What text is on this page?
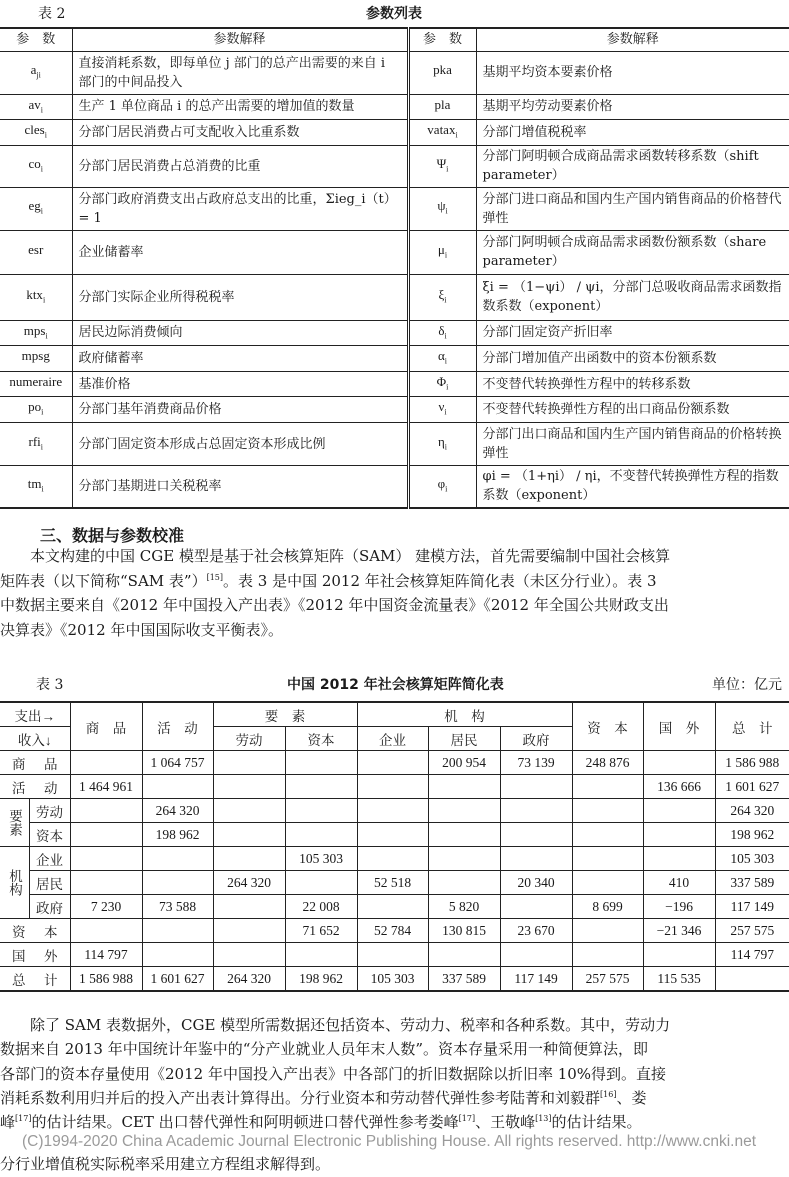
表 2	参数列表
参　数	参数解释	参　数	参数解释
$a_{ji}$	直接消耗系数，即每单位 j 部门的总产出需要的来自 i 部门的中间品投入	pka	基期平均资本要素价格
$av_i$	生产 1 单位商品 i 的总产出需要的增加值的数量	pla	基期平均劳动要素价格
cles$_i$	分部门居民消费占可支配收入比重系数	vatax$_i$	分部门增值税税率
$co_i$	分部门居民消费占总消费的比重	$\Psi_i$	分部门阿明顿合成商品需求函数转移系数（shift parameter）
$eg_i$	分部门政府消费支出占政府总支出的比重，Σieg_i（t） = 1	$\psi_i$	分部门进口商品和国内生产国内销售商品的价格替代弹性
esr	企业储蓄率	$\mu_i$	分部门阿明顿合成商品需求函数份额系数（share parameter）
ktx$_i$	分部门实际企业所得税税率	$\xi_i$	ξi = （1−ψi） / ψi，分部门总吸收商品需求函数指数系数（exponent）
mps$_i$	居民边际消费倾向	$\delta_i$	分部门固定资产折旧率
mpsg	政府储蓄率	$\alpha_i$	分部门增加值产出函数中的资本份额系数
numeraire	基准价格	$\Phi_i$	不变替代转换弹性方程中的转移系数
$po_i$	分部门基年消费商品价格	$\nu_i$	不变替代转换弹性方程的出口商品份额系数
rfi$_i$	分部门固定资本形成占总固定资本形成比例	$\eta_i$	分部门出口商品和国内生产国内销售商品的价格转换弹性
$tm_i$	分部门基期进口关税税率	$\varphi_i$	φi = （1+ηi） / ηi，不变替代转换弹性方程的指数系数（exponent）
三、数据与参数校准
　　本文构建的中国 CGE 模型是基于社会核算矩阵（SAM） 建模方法，首先需要编制中国社会核算
矩阵表（以下简称“SAM 表”）[15]。表 3 是中国 2012 年社会核算矩阵简化表（未区分行业）。表 3
中数据主要来自《2012 年中国投入产出表》《2012 年中国资金流量表》《2012 年全国公共财政支出
决算表》《2012 年中国国际收支平衡表》。
表 3	中国 2012 年社会核算矩阵简化表	单位：亿元
支出→		商　品	活　动	要　素		机　构			资　本	国　外	总　计
收入↓				劳动	资本	企业	居民	政府			
商品			1 064 757				200 954	73 139	248 876		1 586 988
活动		1 464 961								136 666	1 601 627
要素	劳动		264 320								264 320
	资本		198 962								198 962
机构	企业				105 303						105 303
	居民			264 320		52 518		20 340		410	337 589
	政府	7 230	73 588		22 008		5 820		8 699	−196	117 149
资本					71 652	52 784	130 815	23 670		−21 346	257 575
国外		114 797									114 797
总计		1 586 988	1 601 627	264 320	198 962	105 303	337 589	117 149	257 575	115 535	
　　除了 SAM 表数据外，CGE 模型所需数据还包括资本、劳动力、税率和各种系数。其中，劳动力
数据来自 2013 年中国统计年鉴中的“分产业就业人员年末人数”。资本存量采用一种简便算法，即
各部门的资本存量使用《2012 年中国投入产出表》中各部门的折旧数据除以折旧率 10%得到。直接
消耗系数利用归并后的投入产出表计算得出。分行业资本和劳动替代弹性参考陆菁和刘毅群[16]、娄
峰[17]的估计结果。CET 出口替代弹性和阿明顿进口替代弹性参考娄峰[17]、王敬峰[13]的估计结果。
分行业增值税实际税率采用建立方程组求解得到。
(C)1994-2020 China Academic Journal Electronic Publishing House. All rights reserved. http://www.cnki.net
